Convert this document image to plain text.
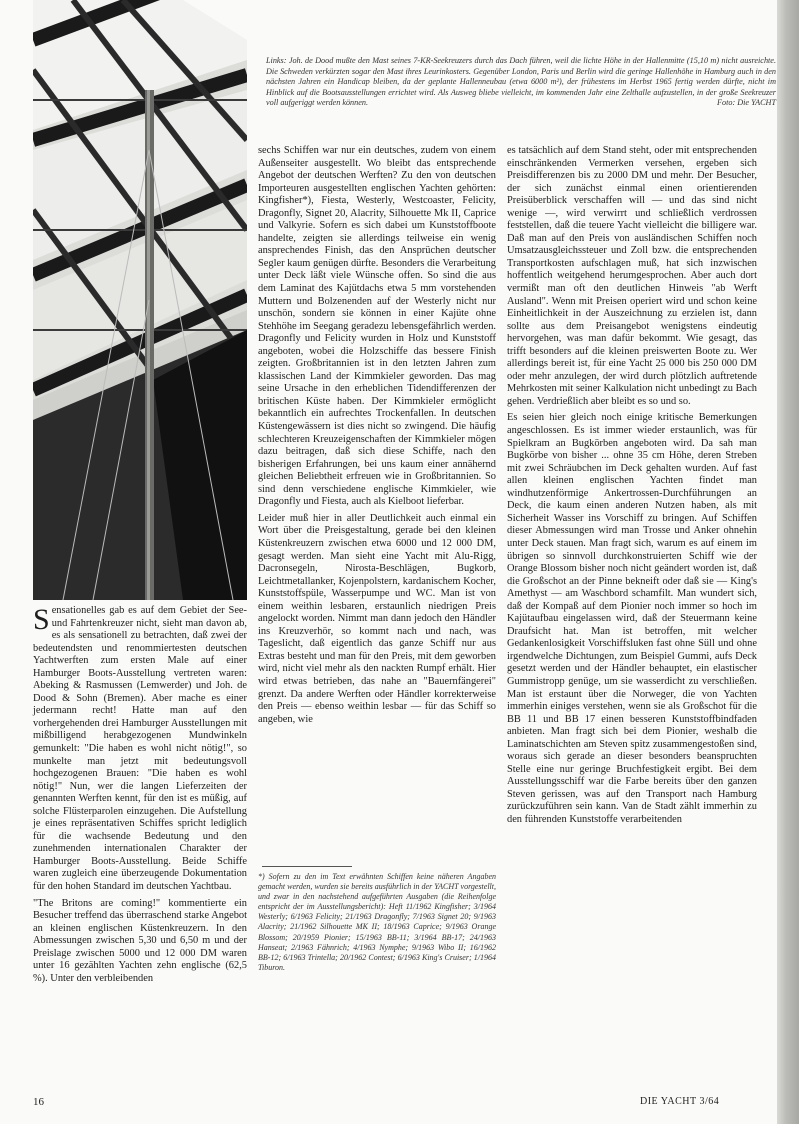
Links: Joh. de Dood mußte den Mast seines 7-KR-Seekreuzers durch das Dach führen, weil die lichte Höhe in der Hallenmitte (15,10 m) nicht ausreichte. Die Schweden verkürzten sogar den Mast ihres Leurinkosters. Gegenüber London, Paris und Berlin wird die geringe Hallenhöhe in Hamburg auch in den nächsten Jahren ein Handicap bleiben, da der geplante Hallenneubau (etwa 6000 m²), der frühestens im Herbst 1965 fertig werden dürfte, nicht im Hinblick auf die Bootsausstellungen errichtet wird. Als Ausweg bliebe vielleicht, im kommenden Jahr eine Zelthalle aufzustellen, in der große Seekreuzer voll aufgeriggt werden können.	Foto: Die YACHT

Sensationelles gab es auf dem Gebiet der See- und Fahrtenkreuzer nicht, sieht man davon ab, es als sensationell zu betrachten, daß zwei der bedeutendsten und renommiertesten deutschen Yachtwerften zum ersten Male auf einer Hamburger Boots-Ausstellung vertreten waren: Abeking & Rasmussen (Lemwerder) und Joh. de Dood & Sohn (Bremen). Aber mache es einer jedermann recht! Hatte man auf den vorhergehenden drei Hamburger Ausstellungen mit mißbilligend herabgezogenen Mundwinkeln gemunkelt: "Die haben es wohl nicht nötig!", so munkelte man jetzt mit bedeutungsvoll hochgezogenen Brauen: "Die haben es wohl nötig!" Nun, wer die langen Lieferzeiten der genannten Werften kennt, für den ist es müßig, auf solche Flüsterparolen einzugehen. Die Aufstellung je eines repräsentativen Schiffes spricht lediglich für die wachsende Bedeutung und den zunehmenden internationalen Charakter der Hamburger Boots-Ausstellung. Beide Schiffe waren zugleich eine überzeugende Dokumentation für den hohen Standard im deutschen Yachtbau.

"The Britons are coming!" kommentierte ein Besucher treffend das überraschend starke Angebot an kleinen englischen Küstenkreuzern. In den Abmessungen zwischen 5,30 und 6,50 m und der Preislage zwischen 5000 und 12 000 DM waren unter 16 gezählten Yachten zehn englische (62,5 %). Unter den verbleibenden

sechs Schiffen war nur ein deutsches, zudem von einem Außenseiter ausgestellt. Wo bleibt das entsprechende Angebot der deutschen Werften? Zu den von deutschen Importeuren ausgestellten englischen Yachten gehörten: Kingfisher*), Fiesta, Westerly, Westcoaster, Felicity, Dragonfly, Signet 20, Alacrity, Silhouette Mk II, Caprice und Valkyrie. Sofern es sich dabei um Kunststoffboote handelte, zeigten sie allerdings teilweise ein wenig ansprechendes Finish, das den Ansprüchen deutscher Segler kaum genügen dürfte. Besonders die Verarbeitung unter Deck läßt viele Wünsche offen. So sind die aus dem Laminat des Kajütdachs etwa 5 mm vorstehenden Muttern und Bolzenenden auf der Westerly nicht nur unschön, sondern sie können in einer Kajüte ohne Stehhöhe im Seegang geradezu lebensgefährlich werden. Dragonfly und Felicity wurden in Holz und Kunststoff angeboten, wobei die Holzschiffe das bessere Finish zeigten. Großbritannien ist in den letzten Jahren zum klassischen Land der Kimmkieler geworden. Das mag seine Ursache in den erheblichen Tidendifferenzen der britischen Küste haben. Der Kimmkieler ermöglicht bekanntlich ein aufrechtes Trockenfallen. In deutschen Küstengewässern ist dies nicht so zwingend. Die häufig schlechteren Kreuzeigenschaften der Kimmkieler mögen dazu beitragen, daß sich diese Schiffe, nach den bisherigen Erfahrungen, bei uns kaum einer annähernd gleichen Beliebtheit erfreuen wie in Großbritannien. So sind denn verschiedene englische Kimmkieler, wie Dragonfly und Fiesta, auch als Kielboot lieferbar.

Leider muß hier in aller Deutlichkeit auch einmal ein Wort über die Preisgestaltung, gerade bei den kleinen Küstenkreuzern zwischen etwa 6000 und 12 000 DM, gesagt werden. Man sieht eine Yacht mit Alu-Rigg, Dacronsegeln, Nirosta-Beschlägen, Bugkorb, Leichtmetallanker, Kojenpolstern, kardanischem Kocher, Kunststoffspüle, Wasserpumpe und WC. Man ist von einem weithin lesbaren, erstaunlich niedrigen Preis angelockt worden. Nimmt man dann jedoch den Händler ins Kreuzverhör, so kommt nach und nach, was Tageslicht, daß eigentlich das ganze Schiff nur aus Extras besteht und man für den Preis, mit dem geworben wird, nicht viel mehr als den nackten Rumpf erhält. Hier wird etwas betrieben, das nahe an "Bauernfängerei" grenzt. Da andere Werften oder Händler korrekterweise den Preis — ebenso weithin lesbar — für das Schiff so angeben, wie

*) Sofern zu den im Text erwähnten Schiffen keine näheren Angaben gemacht werden, wurden sie bereits ausführlich in der YACHT vorgestellt, und zwar in den nachstehend aufgeführten Ausgaben (die Reihenfolge entspricht der im Ausstellungsbericht): Heft 11/1962 Kingfisher; 3/1964 Westerly; 6/1963 Felicity; 21/1963 Dragonfly; 7/1963 Signet 20; 9/1963 Alacrity; 21/1962 Silhouette MK II; 18/1963 Caprice; 9/1963 Orange Blossom; 20/1959 Pionier; 15/1963 BB-11; 3/1964 BB-17; 24/1963 Hanseat; 2/1963 Fähnrich; 4/1963 Nymphe; 9/1963 Wibo II; 16/1962 BB-12; 6/1963 Trintella; 20/1962 Contest; 6/1963 King's Cruiser; 1/1964 Tiburon.

es tatsächlich auf dem Stand steht, oder mit entsprechenden einschränkenden Vermerken versehen, ergeben sich Preisdifferenzen bis zu 2000 DM und mehr. Der Besucher, der sich zunächst einmal einen orientierenden Preisüberblick verschaffen will — und das sind nicht wenige —, wird verwirrt und schließlich verdrossen feststellen, daß die teuere Yacht vielleicht die billigere war. Daß man auf den Preis von ausländischen Schiffen noch Umsatzausgleichssteuer und Zoll bzw. die entsprechenden Transportkosten aufschlagen muß, hat sich inzwischen hoffentlich weitgehend herumgesprochen. Aber auch dort vermißt man oft den deutlichen Hinweis "ab Werft Ausland". Wenn mit Preisen operiert wird und schon keine Einheitlichkeit in der Auszeichnung zu erzielen ist, dann sollte aus dem Preisangebot wenigstens eindeutig hervorgehen, was man dafür bekommt. Wie gesagt, das trifft besonders auf die kleinen preiswerten Boote zu. Wer allerdings bereit ist, für eine Yacht 25 000 bis 250 000 DM oder mehr anzulegen, der wird durch plötzlich auftretende Mehrkosten mit seiner Kalkulation nicht unbedingt zu Bach gehen. Verdrießlich aber bleibt es so und so.

Es seien hier gleich noch einige kritische Bemerkungen angeschlossen. Es ist immer wieder erstaunlich, was für Spielkram an Bugkörben angeboten wird. Da sah man Bugkörbe von bisher ... ohne 35 cm Höhe, deren Streben mit zwei Schräubchen im Deck gehalten wurden. Auf fast allen kleinen englischen Yachten findet man windhutzenförmige Ankertrossen-Durchführungen an Deck, die kaum einen anderen Nutzen haben, als mit Sicherheit Wasser ins Vorschiff zu bringen. Auf Schiffen dieser Abmessungen wird man Trosse und Anker ohnehin unter Deck stauen. Man fragt sich, warum es auf einem im übrigen so sinnvoll durchkonstruierten Schiff wie der Orange Blossom bisher noch nicht geändert worden ist, daß die Großschot an der Pinne bekneift oder daß sie — King's Amethyst — am Waschbord schamfilt. Man wundert sich, daß der Kompaß auf dem Pionier noch immer so hoch im Kajütaufbau eingelassen wird, daß der Steuermann keine Draufsicht hat. Man ist betroffen, mit welcher Gedankenlosigkeit Vorschiffsluken fast ohne Süll und ohne irgendwelche Dichtungen, zum Beispiel Gummi, aufs Deck gesetzt werden und der Händler behauptet, ein elastischer Gummistropp genüge, um sie wasserdicht zu verschließen. Man ist erstaunt über die Norweger, die von Yachten immerhin einiges verstehen, wenn sie als Großschot für die BB 11 und BB 17 einen besseren Kunststoffbindfaden anbieten. Man fragt sich bei dem Pionier, weshalb die Laminatschichten am Steven spitz zusammengestoßen sind, woraus sich gerade an dieser besonders beanspruchten Stelle eine nur geringe Bruchfestigkeit ergibt. Bei dem Ausstellungsschiff war die Farbe bereits über den ganzen Steven gerissen, was auf den Transport nach Hamburg zurückzuführen sein kann. Van de Stadt zählt immerhin zu den führenden Kunststoffe verarbeitenden

16	DIE YACHT 3/64
